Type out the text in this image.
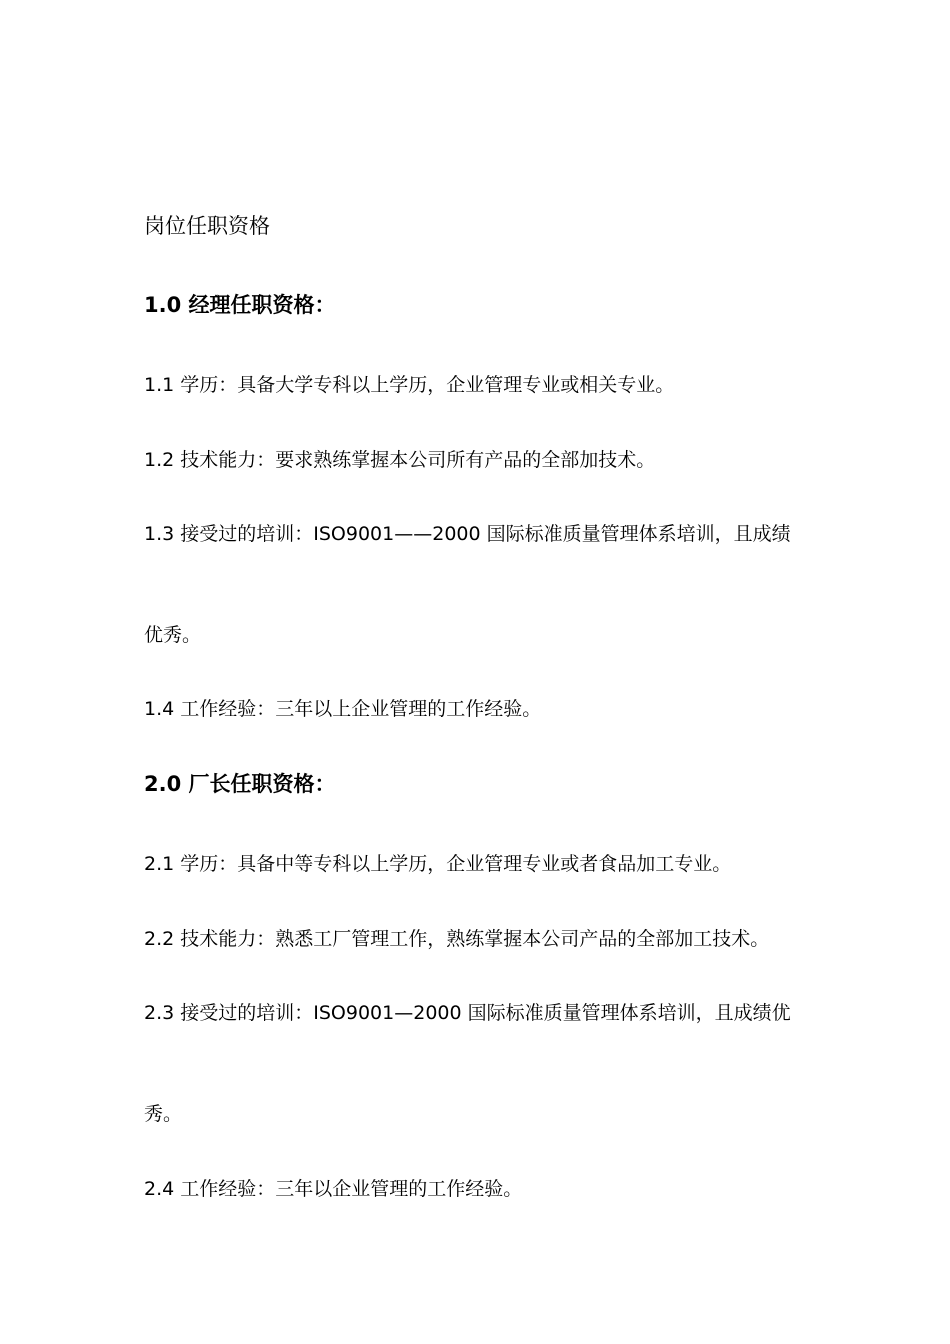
岗位任职资格
1.0 经理任职资格：
1.1 学历：具备大学专科以上学历，企业管理专业或相关专业。
1.2 技术能力：要求熟练掌握本公司所有产品的全部加技术。
1.3 接受过的培训：ISO9001——2000 国际标准质量管理体系培训，且成绩
优秀。
1.4 工作经验：三年以上企业管理的工作经验。
2.0 厂长任职资格：
2.1 学历：具备中等专科以上学历，企业管理专业或者食品加工专业。
2.2 技术能力：熟悉工厂管理工作，熟练掌握本公司产品的全部加工技术。
2.3 接受过的培训：ISO9001—2000 国际标准质量管理体系培训，且成绩优
秀。
2.4 工作经验：三年以企业管理的工作经验。
